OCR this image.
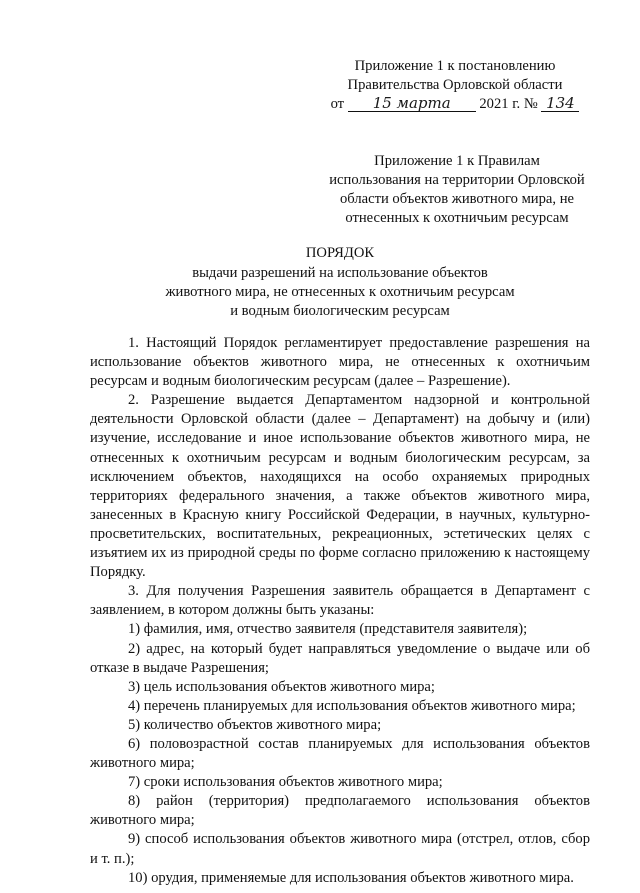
Приложение 1 к постановлению
Правительства Орловской области
от 15 марта 2021 г. № 134
Приложение 1 к Правилам
использования на территории Орловской
области объектов животного мира, не
отнесенных к охотничьим ресурсам
ПОРЯДОК
выдачи разрешений на использование объектов
животного мира, не отнесенных к охотничьим ресурсам
и водным биологическим ресурсам

1. Настоящий Порядок регламентирует предоставление разрешения на использование объектов животного мира, не отнесенных к охотничьим ресурсам и водным биологическим ресурсам (далее – Разрешение).

2. Разрешение выдается Департаментом надзорной и контрольной деятельности Орловской области (далее – Департамент) на добычу и (или) изучение, исследование и иное использование объектов животного мира, не отнесенных к охотничьим ресурсам и водным биологическим ресурсам, за исключением объектов, находящихся на особо охраняемых природных территориях федерального значения, а также объектов животного мира, занесенных в Красную книгу Российской Федерации, в научных, культурно-просветительских, воспитательных, рекреационных, эстетических целях с изъятием их из природной среды по форме согласно приложению к настоящему Порядку.

3. Для получения Разрешения заявитель обращается в Департамент с заявлением, в котором должны быть указаны:

1) фамилия, имя, отчество заявителя (представителя заявителя);

2) адрес, на который будет направляться уведомление о выдаче или об отказе в выдаче Разрешения;

3) цель использования объектов животного мира;

4) перечень планируемых для использования объектов животного мира;

5) количество объектов животного мира;

6) половозрастной состав планируемых для использования объектов животного мира;

7) сроки использования объектов животного мира;

8) район (территория) предполагаемого использования объектов животного мира;

9) способ использования объектов животного мира (отстрел, отлов, сбор и т. п.);

10) орудия, применяемые для использования объектов животного мира.
